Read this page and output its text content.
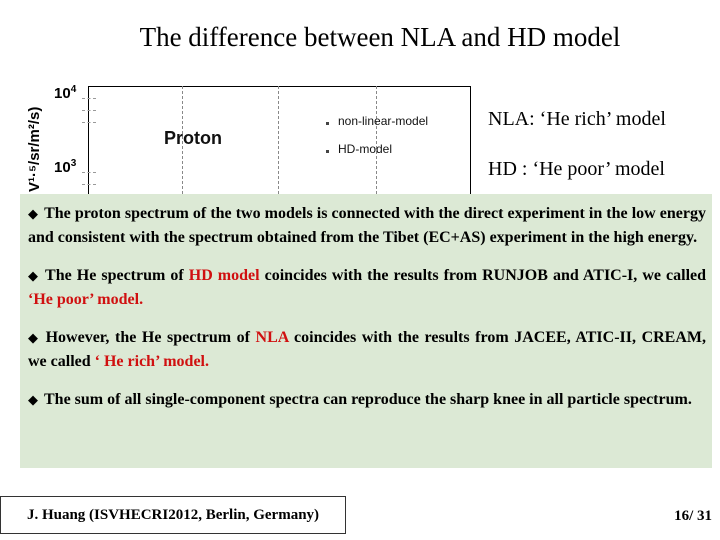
The difference between NLA and HD model
V¹·⁵/sr/m²/s)
$10^4$
$10^3$
Proton
non-linear-model
HD-model
NLA: ‘He rich’ model
HD : ‘He poor’ model

◆ The proton spectrum of the two models is connected with the direct experiment in the low energy and consistent with the spectrum obtained from the Tibet (EC+AS) experiment in the high energy.

◆ The He spectrum of HD model coincides with the results from RUNJOB and ATIC-I, we called ‘He poor’ model.

◆ However, the He spectrum of NLA coincides with the results from JACEE, ATIC-II, CREAM, we called ‘ He rich’ model.

◆ The sum of all single-component spectra can reproduce the sharp knee in all particle spectrum.

J. Huang (ISVHECRI2012, Berlin, Germany)	16/ 31
